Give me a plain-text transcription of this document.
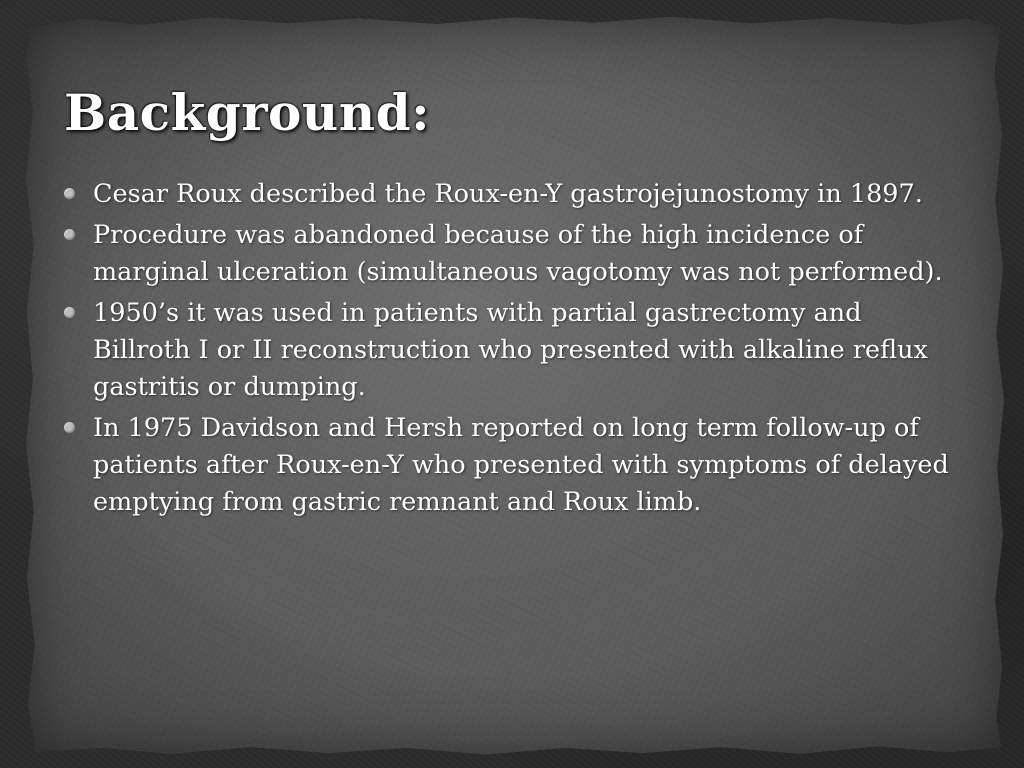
Background:
Cesar Roux described the Roux-en-Y gastrojejunostomy in 1897.
Procedure was abandoned because of the high incidence of marginal ulceration (simultaneous vagotomy was not performed).
1950’s it was used in patients with partial gastrectomy and Billroth I or II reconstruction who presented with alkaline reflux gastritis or dumping.
In 1975 Davidson and Hersh reported on long term follow-up of patients after Roux-en-Y who presented with symptoms of delayed emptying from gastric remnant and Roux limb.
